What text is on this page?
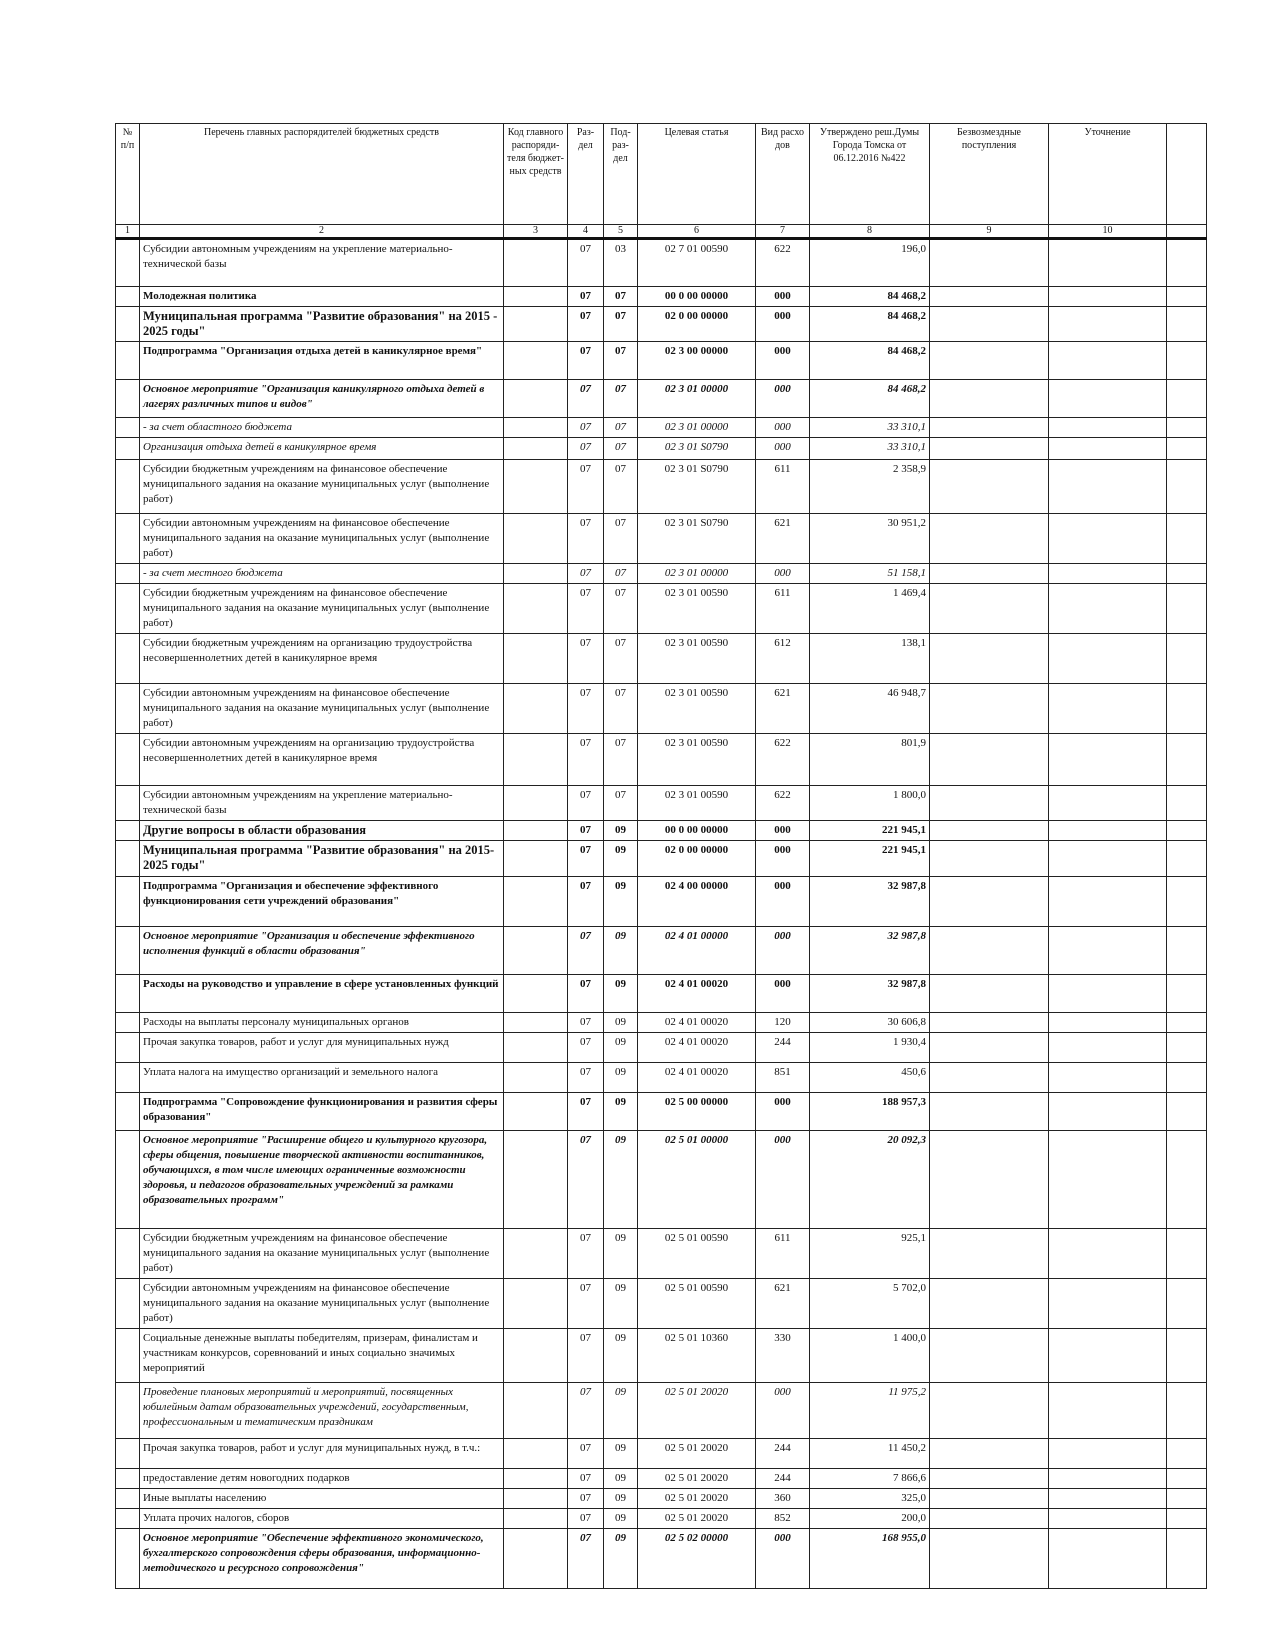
№ п/п	Перечень главных распорядителей бюджетных средств	Код главного распоряди-теля бюджет-ных средств	Раз-дел	Под-раз-дел	Целевая статья	Вид расхо дов	Утверждено реш.Думы Города Томска от 06.12.2016 №422	Безвозмездные поступления	Уточнение	
1	2	3	4	5	6	7	8	9	10	
	Субсидии автономным учреждениям на укрепление материально-технической базы		07	03	02 7 01 00590	622	196,0			
	Молодежная политика		07	07	00 0 00 00000	000	84 468,2			
	Муниципальная программа "Развитие образования" на 2015 - 2025 годы"		07	07	02 0 00 00000	000	84 468,2			
	Подпрограмма "Организация отдыха детей в каникулярное время"		07	07	02 3 00 00000	000	84 468,2			
	Основное мероприятие "Организация каникулярного отдыха детей в лагерях различных типов и видов"		07	07	02 3 01 00000	000	84 468,2			
	- за счет областного бюджета		07	07	02 3 01 00000	000	33 310,1			
	Организация отдыха детей в каникулярное время		07	07	02 3 01 S0790	000	33 310,1			
	Субсидии бюджетным учреждениям на финансовое обеспечение муниципального задания на оказание муниципальных услуг (выполнение работ)		07	07	02 3 01 S0790	611	2 358,9			
	Субсидии автономным учреждениям на финансовое обеспечение муниципального задания на оказание муниципальных услуг (выполнение работ)		07	07	02 3 01 S0790	621	30 951,2			
	- за счет местного бюджета		07	07	02 3 01 00000	000	51 158,1			
	Субсидии бюджетным учреждениям на финансовое обеспечение муниципального задания на оказание муниципальных услуг (выполнение работ)		07	07	02 3 01 00590	611	1 469,4			
	Субсидии бюджетным учреждениям на организацию трудоустройства несовершеннолетних детей в каникулярное время		07	07	02 3 01 00590	612	138,1			
	Субсидии автономным учреждениям на финансовое обеспечение муниципального задания на оказание муниципальных услуг (выполнение работ)		07	07	02 3 01 00590	621	46 948,7			
	Субсидии автономным учреждениям на организацию трудоустройства несовершеннолетних детей в каникулярное время		07	07	02 3 01 00590	622	801,9			
	Субсидии автономным учреждениям на укрепление материально-технической базы		07	07	02 3 01 00590	622	1 800,0			
	Другие вопросы в области образования		07	09	00 0 00 00000	000	221 945,1			
	Муниципальная программа "Развитие образования" на 2015-2025 годы"		07	09	02 0 00 00000	000	221 945,1			
	Подпрограмма "Организация и обеспечение эффективного функционирования сети учреждений образования"		07	09	02 4 00 00000	000	32 987,8			
	Основное мероприятие "Организация и обеспечение эффективного исполнения функций в области образования"		07	09	02 4 01 00000	000	32 987,8			
	Расходы на руководство и управление в сфере установленных функций		07	09	02 4 01 00020	000	32 987,8			
	Расходы на выплаты персоналу муниципальных органов		07	09	02 4 01 00020	120	30 606,8			
	Прочая закупка товаров, работ и услуг для муниципальных нужд		07	09	02 4 01 00020	244	1 930,4			
	Уплата налога на имущество организаций и земельного налога		07	09	02 4 01 00020	851	450,6			
	Подпрограмма "Сопровождение функционирования и развития сферы образования"		07	09	02 5 00 00000	000	188 957,3			
	Основное мероприятие "Расширение общего и культурного кругозора, сферы общения, повышение творческой активности воспитанников, обучающихся, в том числе имеющих ограниченные возможности здоровья, и педагогов образовательных учреждений за рамками образовательных программ"		07	09	02 5 01 00000	000	20 092,3			
	Субсидии бюджетным учреждениям на финансовое обеспечение муниципального задания на оказание муниципальных услуг (выполнение работ)		07	09	02 5 01 00590	611	925,1			
	Субсидии автономным учреждениям на финансовое обеспечение муниципального задания на оказание муниципальных услуг (выполнение работ)		07	09	02 5 01 00590	621	5 702,0			
	Социальные денежные выплаты победителям, призерам, финалистам и участникам конкурсов, соревнований и иных социально значимых мероприятий		07	09	02 5 01 10360	330	1 400,0			
	Проведение плановых мероприятий и мероприятий, посвященных юбилейным датам образовательных учреждений, государственным, профессиональным и тематическим праздникам		07	09	02 5 01 20020	000	11 975,2			
	Прочая закупка товаров, работ и услуг для муниципальных нужд, в т.ч.:		07	09	02 5 01 20020	244	11 450,2			
	предоставление детям новогодних подарков		07	09	02 5 01 20020	244	7 866,6			
	Иные выплаты населению		07	09	02 5 01 20020	360	325,0			
	Уплата прочих налогов, сборов		07	09	02 5 01 20020	852	200,0			
	Основное мероприятие "Обеспечение эффективного экономического, бухгалтерского сопровождения сферы образования, информационно-методического и ресурсного сопровождения"		07	09	02 5 02 00000	000	168 955,0			
